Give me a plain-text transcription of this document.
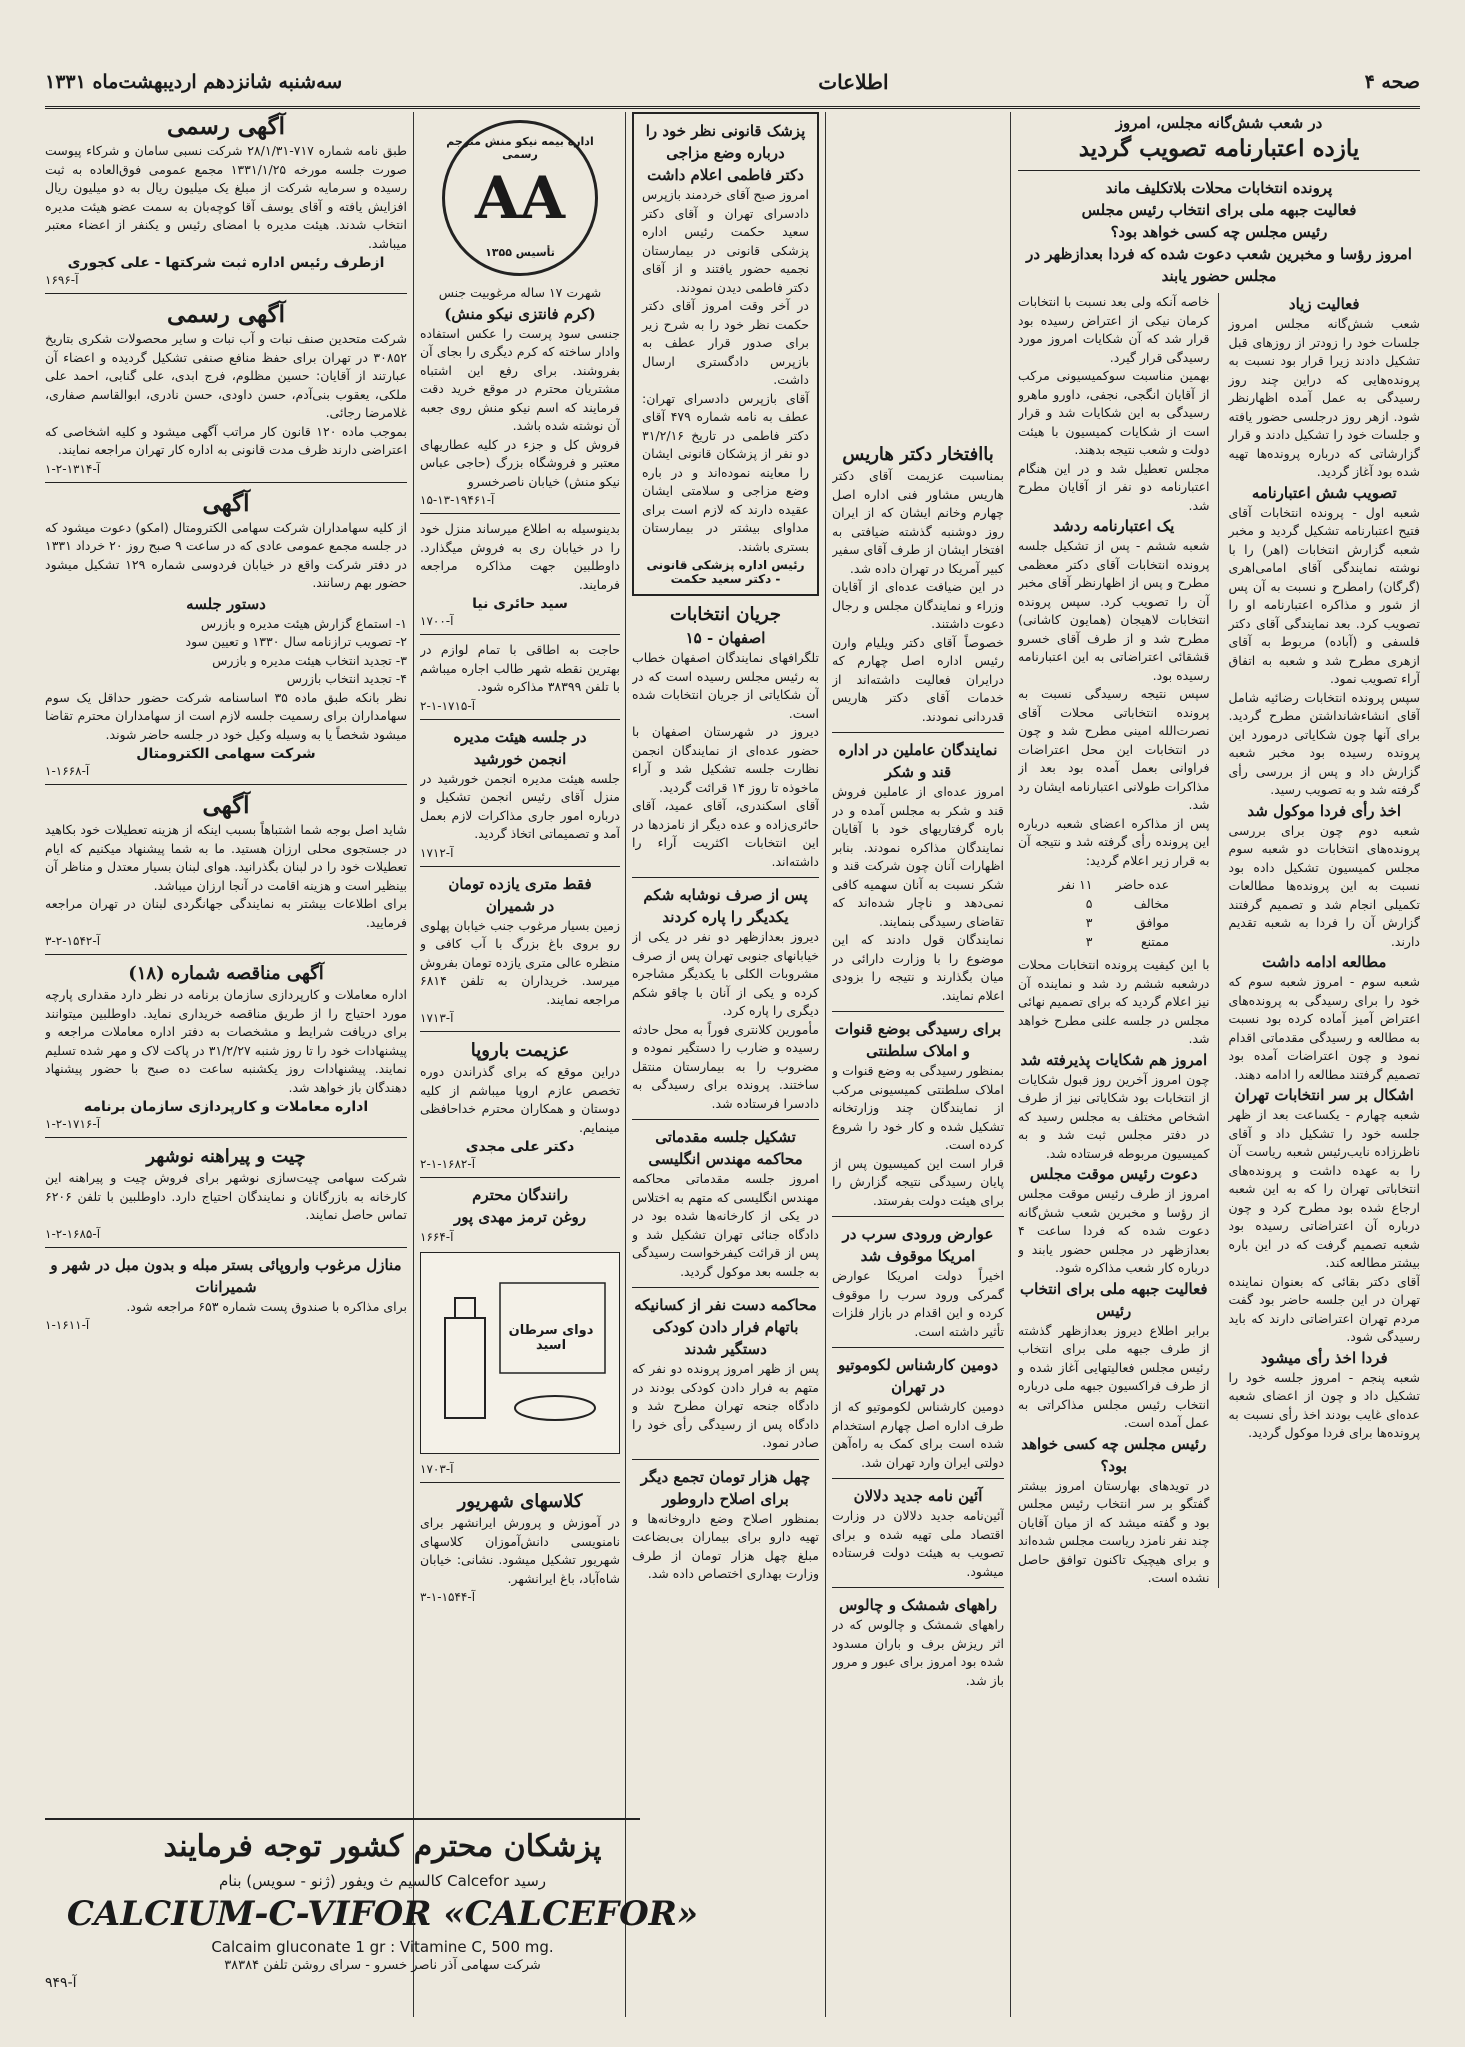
صحه ۴
اطلاعات
سه‌شنبه شانزدهم اردیبهشت‌ماه ۱۳۳۱

در شعب شش‌گانه مجلس، امروز

یازده اعتبارنامه تصویب گردید

پرونده انتخابات محلات بلاتکلیف ماند

فعالیت جبهه ملی برای انتخاب رئیس مجلس

رئیس مجلس چه کسی خواهد بود؟

امروز رؤسا و مخبرین شعب دعوت شده که فردا بعدازظهر در مجلس حضور یابند

فعالیت زیاد

شعب شش‌گانه مجلس امروز جلسات خود را زودتر از روزهای قبل تشکیل دادند زیرا قرار بود نسبت به پرونده‌هایی که دراین چند روز رسیدگی به عمل آمده اظهارنظر شود. ازهر روز درجلسی حضور یافته و جلسات خود را تشکیل دادند و قرار گزارشاتی که درباره پرونده‌ها تهیه شده بود آغاز گردید.

تصویب شش اعتبارنامه

شعبه اول - پرونده انتخابات آقای فتیح اعتبارنامه تشکیل گردید و مخبر شعبه گزارش انتخابات (اهر) را با نوشته نمایندگی آقای امامی‌اهری (گرگان) رامطرح و نسبت به آن پس از شور و مذاکره اعتبارنامه او را تصویب کرد. بعد نمایندگی آقای دکتر فلسفی و (آباده) مربوط به آقای ازهری مطرح شد و شعبه به اتفاق آراء تصویب نمود.

سپس پرونده انتخابات رضائیه شامل آقای انشاءشانداشتن مطرح گردید. برای آنها چون شکایاتی درمورد این پرونده رسیده بود مخبر شعبه گزارش داد و پس از بررسی رأی گرفته شد و به تصویب رسید.

اخذ رأی فردا موکول شد

شعبه دوم چون برای بررسی پرونده‌های انتخابات دو شعبه سوم مجلس کمیسیون تشکیل داده بود نسبت به این پرونده‌ها مطالعات تکمیلی انجام شد و تصمیم گرفتند گزارش آن را فردا به شعبه تقدیم دارند.

مطالعه ادامه داشت

شعبه سوم - امروز شعبه سوم که خود را برای رسیدگی به پرونده‌های اعتراض آمیز آماده کرده بود نسبت به مطالعه و رسیدگی مقدماتی اقدام نمود و چون اعتراضات آمده بود تصمیم گرفتند مطالعه را ادامه دهند.

اشکال بر سر انتخابات تهران

شعبه چهارم - یکساعت بعد از ظهر جلسه خود را تشکیل داد و آقای ناظرزاده نایب‌رئیس شعبه ریاست آن را به عهده داشت و پرونده‌های انتخاباتی تهران را که به این شعبه ارجاع شده بود مطرح کرد و چون درباره آن اعتراضاتی رسیده بود شعبه تصمیم گرفت که در این باره بیشتر مطالعه کند.

آقای دکتر بقائی که بعنوان نماینده تهران در این جلسه حاضر بود گفت مردم تهران اعتراضاتی دارند که باید رسیدگی شود.

فردا اخذ رأی میشود

شعبه پنجم - امروز جلسه خود را تشکیل داد و چون از اعضای شعبه عده‌ای غایب بودند اخذ رأی نسبت به پرونده‌ها برای فردا موکول گردید.

خاصه آنکه ولی بعد نسبت با انتخابات کرمان نیکی از اعتراض رسیده بود قرار شد که آن شکایات امروز مورد رسیدگی قرار گیرد.

بهمین مناسبت سوکمیسیونی مرکب از آقایان انگجی، نجفی، داورو ماهرو رسیدگی به این شکایات شد و قرار است از شکایات کمیسیون با هیئت دولت و شعب نتیجه بدهند.

مجلس تعطیل شد و در این هنگام اعتبارنامه دو نفر از آقایان مطرح شد.

یک اعتبارنامه ردشد

شعبه ششم - پس از تشکیل جلسه پرونده انتخابات آقای دکتر معظمی مطرح و پس از اظهارنظر آقای مخبر آن را تصویب کرد. سپس پرونده انتخابات لاهیجان (همایون کاشانی) مطرح شد و از طرف آقای خسرو قشقائی اعتراضاتی به این اعتبارنامه رسیده بود.

سپس نتیجه رسیدگی نسبت به پرونده انتخاباتی محلات آقای نصرت‌الله امینی مطرح شد و چون در انتخابات این محل اعتراضات فراوانی بعمل آمده بود بعد از مذاکرات طولانی اعتبارنامه ایشان رد شد.

پس از مذاکره اعضای شعبه درباره این پرونده رأی گرفته شد و نتیجه آن به قرار زیر اعلام گردید:

عده حاضر	۱۱ نفر
مخالف	۵
موافق	۳
ممتنع	۳

با این کیفیت پرونده انتخابات محلات درشعبه ششم رد شد و نماینده آن نیز اعلام گردید که برای تصمیم نهائی مجلس در جلسه علنی مطرح خواهد شد.

امروز هم شکایات پذیرفته شد

چون امروز آخرین روز قبول شکایات از انتخابات بود شکایاتی نیز از طرف اشخاص مختلف به مجلس رسید که در دفتر مجلس ثبت شد و به کمیسیون مربوطه فرستاده شد.

دعوت رئیس موقت مجلس

امروز از طرف رئیس موقت مجلس از رؤسا و مخبرین شعب شش‌گانه دعوت شده که فردا ساعت ۴ بعدازظهر در مجلس حضور یابند و درباره کار شعب مذاکره شود.

فعالیت جبهه ملی برای انتخاب رئیس

برابر اطلاع دیروز بعدازظهر گذشته از طرف جبهه ملی برای انتخاب رئیس مجلس فعالیتهایی آغاز شده و از طرف فراکسیون جبهه ملی درباره انتخاب رئیس مجلس مذاکراتی به عمل آمده است.

رئیس مجلس چه کسی خواهد بود؟

در تویدهای بهارستان امروز بیشتر گفتگو بر سر انتخاب رئیس مجلس بود و گفته میشد که از میان آقایان چند نفر نامزد ریاست مجلس شده‌اند و برای هیچیک تاکنون توافق حاصل نشده است.

باافتخار دکتر هاریس

بمناسبت عزیمت آقای دکتر هاریس مشاور فنی اداره اصل چهارم وخانم ایشان که از ایران روز دوشنبه گذشته ضیافتی به افتخار ایشان از طرف آقای سفیر کبیر آمریکا در تهران داده شد.

در این ضیافت عده‌ای از آقایان وزراء و نمایندگان مجلس و رجال دعوت داشتند.

خصوصاً آقای دکتر ویلیام وارن رئیس اداره اصل چهارم که درایران فعالیت داشته‌اند از خدمات آقای دکتر هاریس قدردانی نمودند.

نمایندگان عاملین در اداره قند و شکر

امروز عده‌ای از عاملین فروش قند و شکر به مجلس آمده و در باره گرفتاریهای خود با آقایان نمایندگان مذاکره نمودند. بنابر اظهارات آنان چون شرکت قند و شکر نسبت به آنان سهمیه کافی نمی‌دهد و ناچار شده‌اند که تقاضای رسیدگی بنمایند.

نمایندگان قول دادند که این موضوع را با وزارت دارائی در میان بگذارند و نتیجه را بزودی اعلام نمایند.

برای رسیدگی بوضع قنوات و املاک سلطنتی

بمنظور رسیدگی به وضع قنوات و املاک سلطنتی کمیسیونی مرکب از نمایندگان چند وزارتخانه تشکیل شده و کار خود را شروع کرده است.

قرار است این کمیسیون پس از پایان رسیدگی نتیجه گزارش را برای هیئت دولت بفرستد.

عوارض ورودی سرب در امریکا موقوف شد

اخیراً دولت امریکا عوارض گمرکی ورود سرب را موقوف کرده و این اقدام در بازار فلزات تأثیر داشته است.

دومین کارشناس لکوموتیو در تهران

دومین کارشناس لکوموتیو که از طرف اداره اصل چهارم استخدام شده است برای کمک به راه‌آهن دولتی ایران وارد تهران شد.

آئین نامه جدید دلالان

آئین‌نامه جدید دلالان در وزارت اقتصاد ملی تهیه شده و برای تصویب به هیئت دولت فرستاده میشود.

راههای شمشک و چالوس

راههای شمشک و چالوس که در اثر ریزش برف و باران مسدود شده بود امروز برای عبور و مرور باز شد.

پزشک قانونی نظر خود را درباره وضع مزاجی

دکتر فاطمی اعلام داشت

امروز صبح آقای خردمند بازپرس دادسرای تهران و آقای دکتر سعید حکمت رئیس اداره پزشکی قانونی در بیمارستان نجمیه حضور یافتند و از آقای دکتر فاطمی دیدن نمودند.

در آخر وقت امروز آقای دکتر حکمت نظر خود را به شرح زیر برای صدور قرار عطف به بازپرس دادگستری ارسال داشت.

آقای بازپرس دادسرای تهران: عطف به نامه شماره ۴۷۹ آقای دکتر فاطمی در تاریخ ۳۱/۲/۱۶ دو نفر از پزشکان قانونی ایشان را معاینه نموده‌اند و در باره وضع مزاجی و سلامتی ایشان عقیده دارند که لازم است برای مداوای بیشتر در بیمارستان بستری باشند.

رئیس اداره پزشکی قانونی - دکتر سعید حکمت

جریان انتخابات

اصفهان - ۱۵

تلگرافهای نمایندگان اصفهان خطاب به رئیس مجلس رسیده است که در آن شکایاتی از جریان انتخابات شده است.

دیروز در شهرستان اصفهان با حضور عده‌ای از نمایندگان انجمن نظارت جلسه تشکیل شد و آراء ماخوذه تا روز ۱۴ قرائت گردید.

آقای اسکندری، آقای عمید، آقای حائری‌زاده و عده دیگر از نامزدها در این انتخابات اکثریت آراء را داشته‌اند.

پس از صرف نوشابه شکم

یکدیگر را پاره کردند

دیروز بعدازظهر دو نفر در یکی از خیابانهای جنوبی تهران پس از صرف مشروبات الکلی با یکدیگر مشاجره کرده و یکی از آنان با چاقو شکم دیگری را پاره کرد.

مأمورین کلانتری فوراً به محل حادثه رسیده و ضارب را دستگیر نموده و مضروب را به بیمارستان منتقل ساختند. پرونده برای رسیدگی به دادسرا فرستاده شد.

تشکیل جلسه مقدماتی

محاکمه مهندس انگلیسی

امروز جلسه مقدماتی محاکمه مهندس انگلیسی که متهم به اختلاس در یکی از کارخانه‌ها شده بود در دادگاه جنائی تهران تشکیل شد و پس از قرائت کیفرخواست رسیدگی به جلسه بعد موکول گردید.

محاکمه دست نفر از کسانیکه

باتهام فرار دادن کودکی

دستگیر شدند

پس از ظهر امروز پرونده دو نفر که متهم به فرار دادن کودکی بودند در دادگاه جنحه تهران مطرح شد و دادگاه پس از رسیدگی رأی خود را صادر نمود.

چهل هزار تومان تجمع دیگر

برای اصلاح داروطور

بمنظور اصلاح وضع داروخانه‌ها و تهیه دارو برای بیماران بی‌بضاعت مبلغ چهل هزار تومان از طرف وزارت بهداری اختصاص داده شد.

اداره بیمه نیکو منش مترجم رسمی
AA
تأسیس ۱۳۵۵

شهرت ۱۷ ساله مرغوبیت جنس

(کرم فانتزی نیکو منش)

جنسی سود پرست را عکس استفاده وادار ساخته که کرم دیگری را بجای آن بفروشند. برای رفع این اشتباه مشتریان محترم در موقع خرید دقت فرمایند که اسم نیکو منش روی جعبه آن نوشته شده باشد.

فروش کل و جزء در کلیه عطاریهای معتبر و فروشگاه بزرگ (حاجی عباس نیکو منش) خیابان ناصرخسرو

آ-۱۹۴۶۱-۱۳-۱۵

بدینوسیله به اطلاع میرساند منزل خود را در خیابان ری به فروش میگذارد. داوطلبین جهت مذاکره مراجعه فرمایند.

سید حائری نیا

آ-۱۷۰۰

حاجت به اطاقی با تمام لوازم در بهترین نقطه شهر طالب اجاره میباشم با تلفن ۳۸۳۹۹ مذاکره شود.

آ-۱۷۱۵-۱-۲

در جلسه هیئت مدیره

انجمن خورشید

جلسه هیئت مدیره انجمن خورشید در منزل آقای رئیس انجمن تشکیل و درباره امور جاری مذاکرات لازم بعمل آمد و تصمیماتی اتخاذ گردید.

آ-۱۷۱۲

فقط متری یازده تومان

در شمیران

زمین بسیار مرغوب جنب خیابان پهلوی رو بروی باغ بزرگ با آب کافی و منظره عالی متری یازده تومان بفروش میرسد. خریداران به تلفن ۶۸۱۴ مراجعه نمایند.

آ-۱۷۱۳

عزیمت باروپا

دراین موقع که برای گذراندن دوره تخصص عازم اروپا میباشم از کلیه دوستان و همکاران محترم خداحافظی مینمایم.

دکتر علی مجدی

آ-۱۶۸۲-۱-۲

رانندگان محترم

روغن ترمز مهدی پور

آ-۱۶۶۴

دوای سرطان اسید

آ-۱۷۰۳

کلاسهای شهریور

در آموزش و پرورش ایرانشهر برای نامنویسی دانش‌آموزان کلاسهای شهریور تشکیل میشود. نشانی: خیابان شاه‌آباد، باغ ایرانشهر.

آ-۱۵۴۴-۱-۳

آگهی رسمی

طبق نامه شماره ۷۱۷-۲۸/۱/۳۱ شرکت نسبی سامان و شرکاء پیوست صورت جلسه مورخه ۱۳۳۱/۱/۲۵ مجمع عمومی فوق‌العاده به ثبت رسیده و سرمایه شرکت از مبلغ یک میلیون ریال به دو میلیون ریال افزایش یافته و آقای یوسف آقا کوچه‌بان به سمت عضو هیئت مدیره انتخاب شدند. هیئت مدیره با امضای رئیس و یکنفر از اعضاء معتبر میباشد.

ازطرف رئیس اداره ثبت شرکتها - علی کجوری

آ-۱۶۹۶

آگهی رسمی

شرکت متحدین صنف نبات و آب نبات و سایر محصولات شکری بتاریخ ۳۰۸۵۲ در تهران برای حفظ منافع صنفی تشکیل گردیده و اعضاء آن عبارتند از آقایان: حسین مظلوم، فرج ابدی، علی گنابی، احمد علی ملکی، یعقوب بنی‌آدم، حسن داودی، حسن نادری، ابوالقاسم صفاری، غلامرضا رجائی.

بموجب ماده ۱۲۰ قانون کار مراتب آگهی میشود و کلیه اشخاصی که اعتراضی دارند ظرف مدت قانونی به اداره کار تهران مراجعه نمایند.

آ-۱۳۱۴-۲-۱

آگهی

از کلیه سهامداران شرکت سهامی الکترومتال (امکو) دعوت میشود که در جلسه مجمع عمومی عادی که در ساعت ۹ صبح روز ۲۰ خرداد ۱۳۳۱ در دفتر شرکت واقع در خیابان فردوسی شماره ۱۲۹ تشکیل میشود حضور بهم رسانند.

دستور جلسه

۱- استماع گزارش هیئت مدیره و بازرس

۲- تصویب ترازنامه سال ۱۳۳۰ و تعیین سود

۳- تجدید انتخاب هیئت مدیره و بازرس

۴- تجدید انتخاب بازرس

نظر بانکه طبق ماده ۳۵ اساسنامه شرکت حضور حداقل یک سوم سهامداران برای رسمیت جلسه لازم است از سهامداران محترم تقاضا میشود شخصاً یا به وسیله وکیل خود در جلسه حاضر شوند.

شرکت سهامی الکترومتال

آ-۱۶۶۸-۱

آگهی

شاید اصل بوجه شما اشتباهاً بسبب اینکه از هزینه تعطیلات خود بکاهید در جستجوی محلی ارزان هستید. ما به شما پیشنهاد میکنیم که ایام تعطیلات خود را در لبنان بگذرانید. هوای لبنان بسیار معتدل و مناظر آن بینظیر است و هزینه اقامت در آنجا ارزان میباشد.

برای اطلاعات بیشتر به نمایندگی جهانگردی لبنان در تهران مراجعه فرمایید.

آ-۱۵۴۲-۲-۳

آگهی مناقصه شماره (۱۸)

اداره معاملات و کارپردازی سازمان برنامه در نظر دارد مقداری پارچه مورد احتیاج را از طریق مناقصه خریداری نماید. داوطلبین میتوانند برای دریافت شرایط و مشخصات به دفتر اداره معاملات مراجعه و پیشنهادات خود را تا روز شنبه ۳۱/۲/۲۷ در پاکت لاک و مهر شده تسلیم نمایند. پیشنهادات روز یکشنبه ساعت ده صبح با حضور پیشنهاد دهندگان باز خواهد شد.

اداره معاملات و کارپردازی سازمان برنامه

آ-۱۷۱۶-۲-۱

چیت و پیراهنه نوشهر

شرکت سهامی چیت‌سازی نوشهر برای فروش چیت و پیراهنه این کارخانه به بازرگانان و نمایندگان احتیاج دارد. داوطلبین با تلفن ۶۲۰۶ تماس حاصل نمایند.

آ-۱۶۸۵-۲-۱

منازل مرغوب واروپائی بستر مبله و بدون مبل در شهر و شمیرانات

برای مذاکره با صندوق پست شماره ۶۵۳ مراجعه شود.

آ-۱۶۱۱-۱

پزشکان محترم کشور توجه فرمایند

کالسیم ث ویفور (ژنو - سویس) بنام Calcefor رسید

CALCIUM-C-VIFOR «CALCEFOR»

Calcaim gluconate 1 gr : Vitamine C, 500 mg.

شرکت سهامی آذر ناصر خسرو - سرای روشن تلفن ۳۸۳۸۴

آ-۹۴۹
